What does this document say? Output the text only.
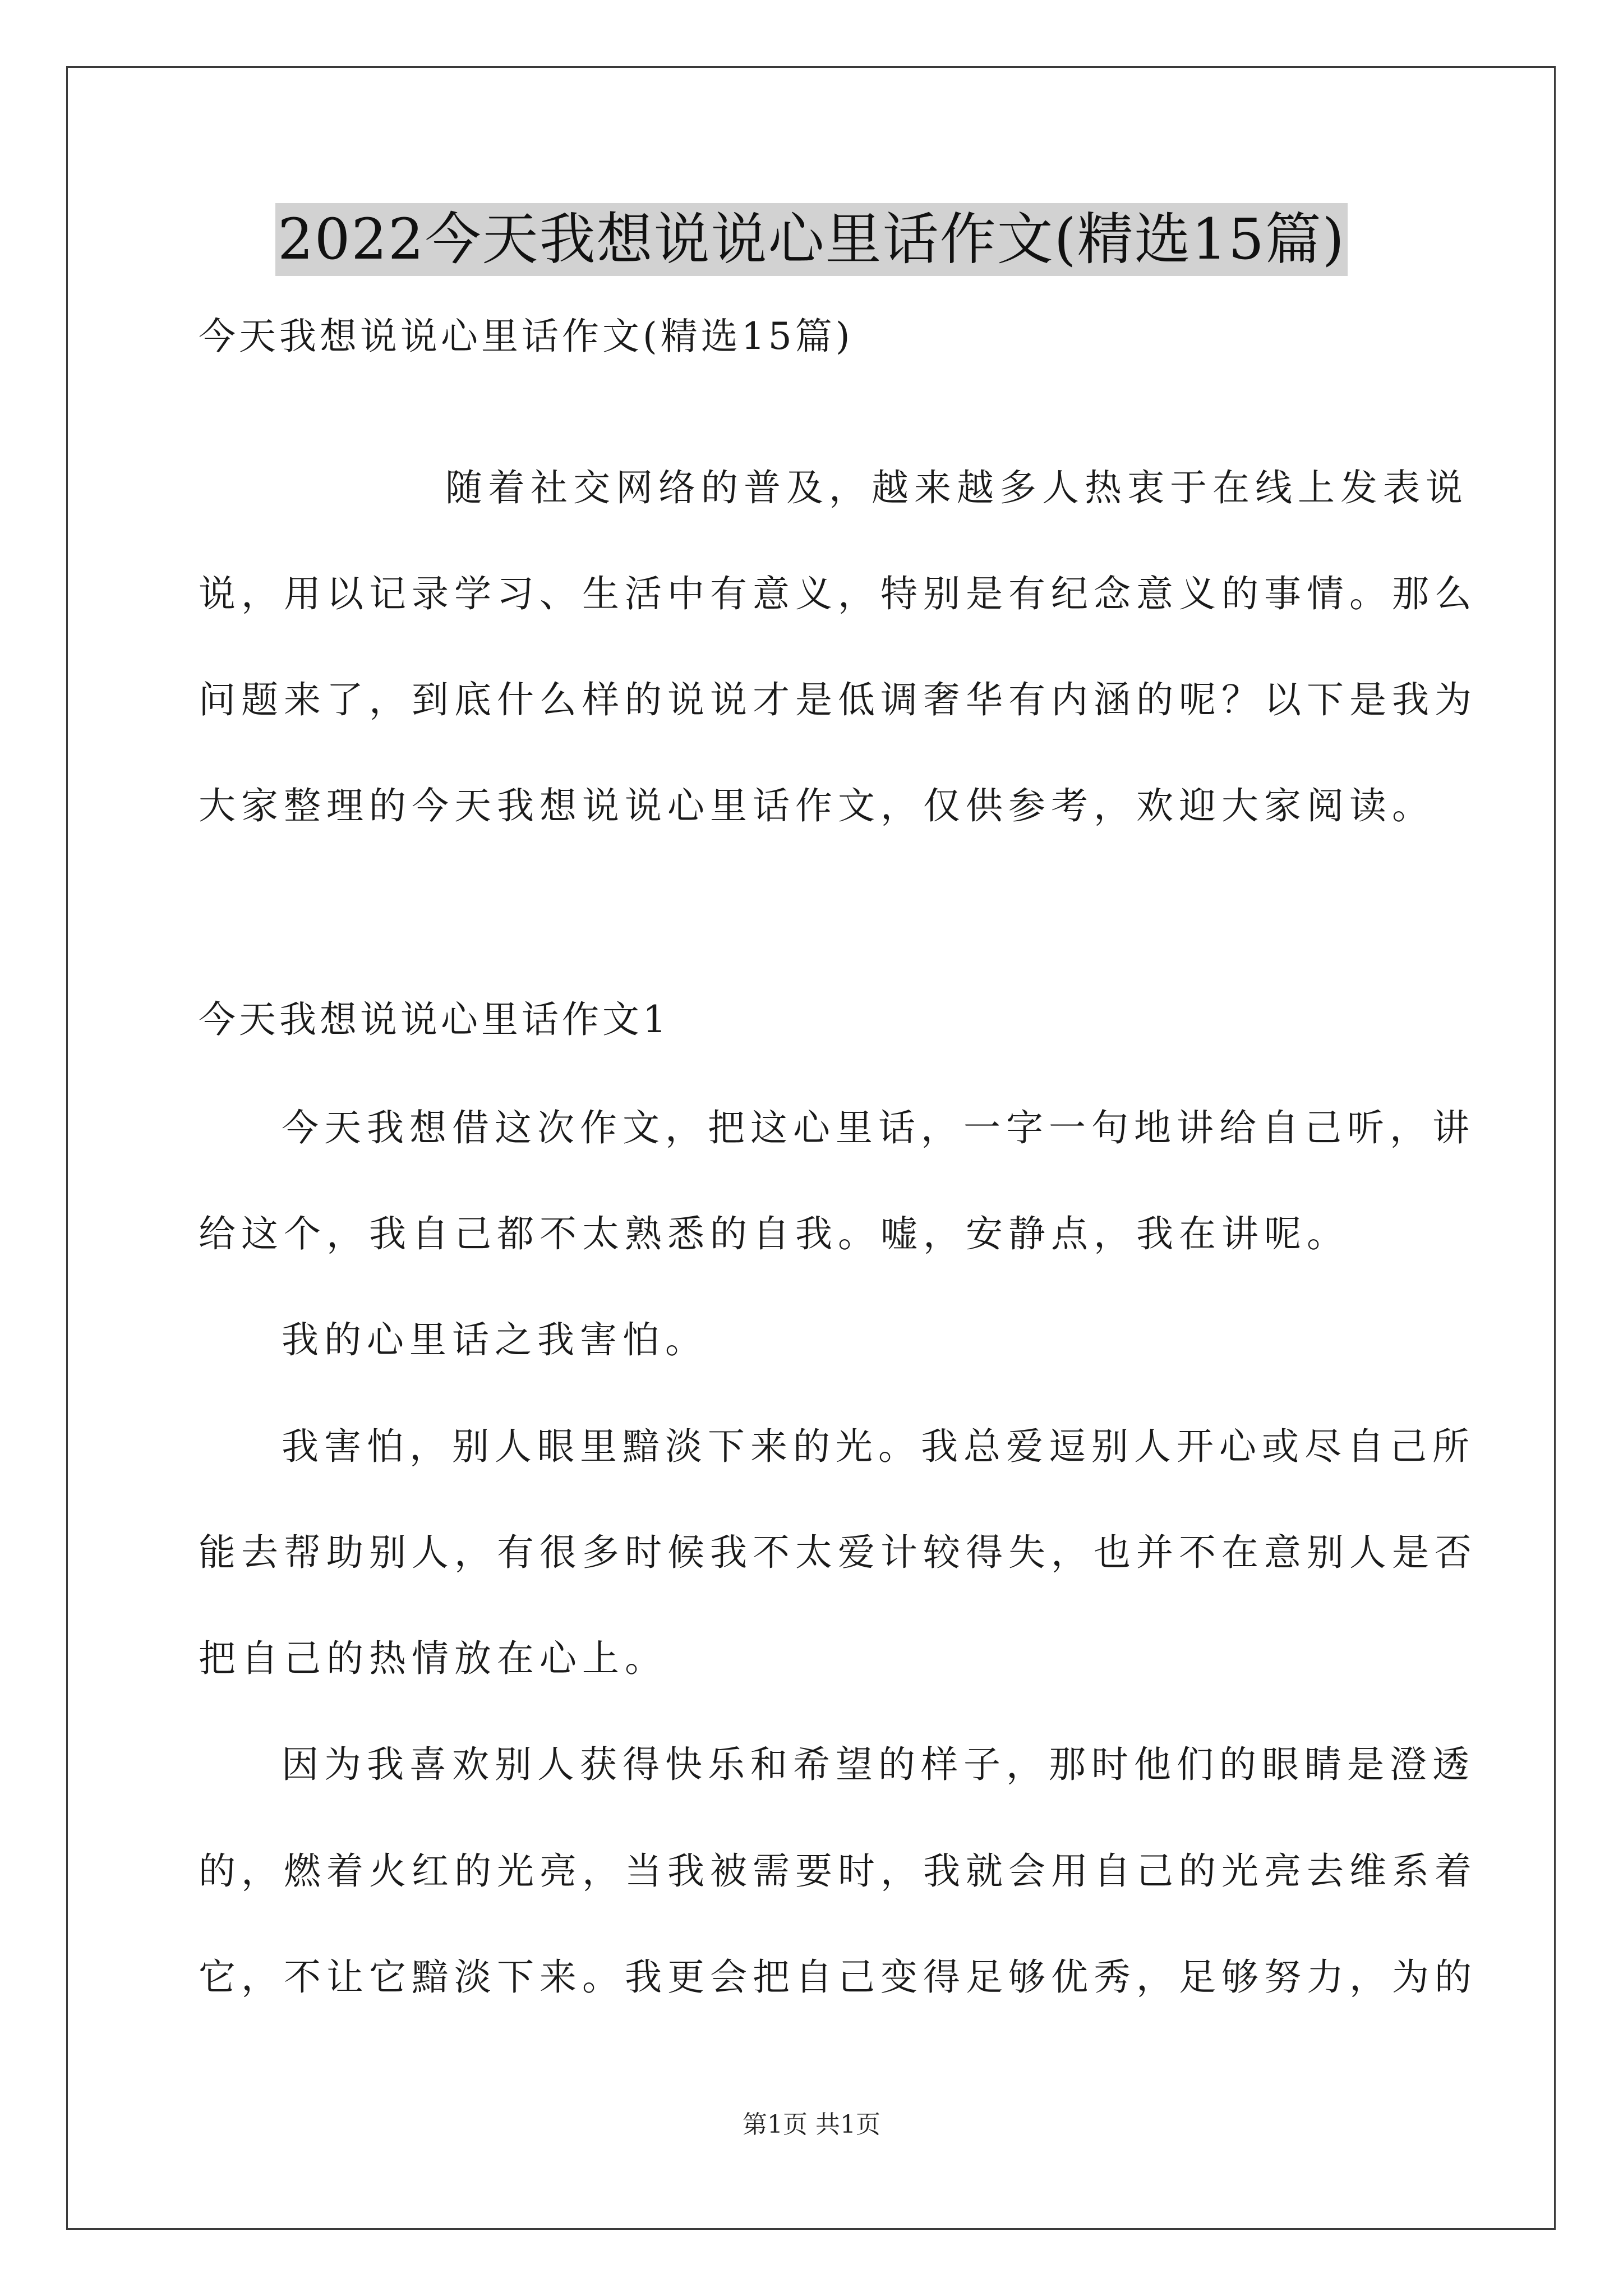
2022今天我想说说心里话作文(精选15篇)
今天我想说说心里话作文(精选15篇)
随着社交网络的普及，越来越多人热衷于在线上发表说
说，用以记录学习、生活中有意义，特别是有纪念意义的事情。那么
问题来了，到底什么样的说说才是低调奢华有内涵的呢？以下是我为
大家整理的今天我想说说心里话作文，仅供参考，欢迎大家阅读。
今天我想说说心里话作文1
今天我想借这次作文，把这心里话，一字一句地讲给自己听，讲
给这个，我自己都不太熟悉的自我。嘘，安静点，我在讲呢。
我的心里话之我害怕。
我害怕，别人眼里黯淡下来的光。我总爱逗别人开心或尽自己所
能去帮助别人，有很多时候我不太爱计较得失，也并不在意别人是否
把自己的热情放在心上。
因为我喜欢别人获得快乐和希望的样子，那时他们的眼睛是澄透
的，燃着火红的光亮，当我被需要时，我就会用自己的光亮去维系着
它，不让它黯淡下来。我更会把自己变得足够优秀，足够努力，为的
第1页 共1页
